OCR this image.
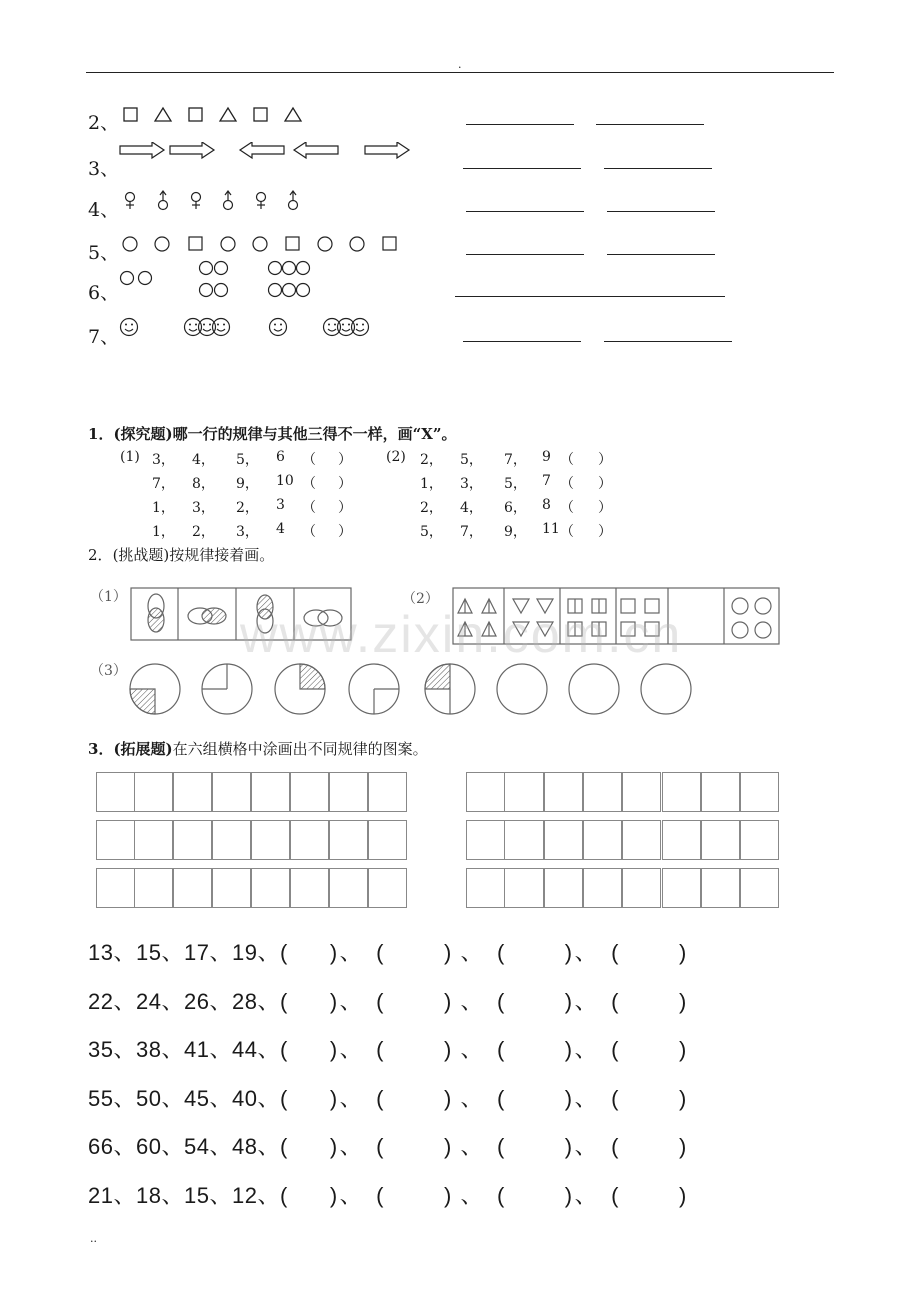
.
2、
3、
4、
5、
6、
7、
1．(探究题)哪一行的规律与其他三得不一样，画“X”。
(1)	(2)
3， 4， 5， 6 （ ）
7， 8， 9， 10 （ ）
1， 3， 2， 3 （ ）
1， 2， 3， 4 （ ）
2， 5， 7， 9 （ ）
1， 3， 5， 7 （ ）
2， 4， 6， 8 （ ）
5， 7， 9， 11 （ ）
2．(挑战题)按规律接着画。
（1）	（2）
（3）
www.zixin.com.cn
3．(拓展题)在六组横格中涂画出不同规律的图案。
13、15、17、19、( )、 (	) 、 (	)、 (	)
22、24、26、28、( )、 (	) 、 (	)、 (	)
35、38、41、44、( )、 (	) 、 (	)、 (	)
55、50、45、40、( )、 (	) 、 (	)、 (	)
66、60、54、48、( )、 (	) 、 (	)、 (	)
21、18、15、12、( )、 (	) 、 (	)、 (	)
..
